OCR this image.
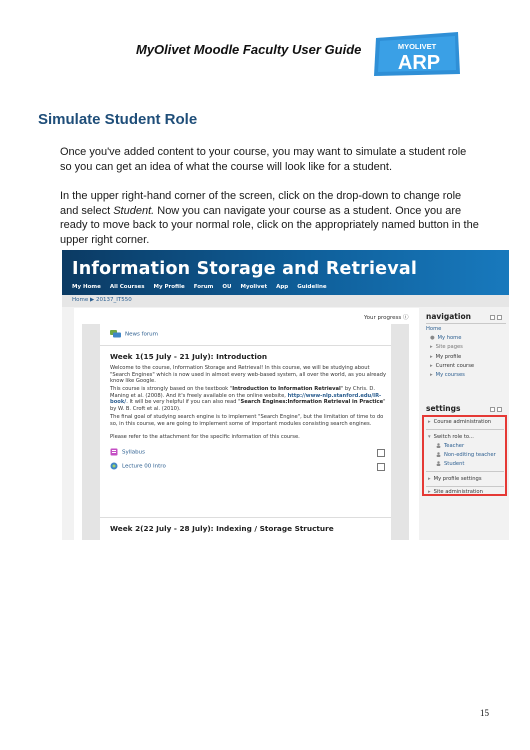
MyOlivet Moodle Faculty User Guide	MYOLIVET
ARP
Simulate Student Role
Once you've added content to your course, you may want to simulate a student role so you can get an idea of what the course will look like for a student.
In the upper right-hand corner of the screen, click on the drop-down to change role and select Student. Now you can navigate your course as a student. Once you are ready to move back to your normal role, click on the appropriately named button in the upper right corner.
Information Storage and Retrieval
My Home All Courses My Profile Forum OU Myolivet App Guideline
Home ▶ 20137_IT550
Your progress ⓘ
News forum
Week 1(15 July - 21 July): Introduction
Welcome to the course, Information Storage and Retrieval! In this course, we will be studying about "Search Engines" which is now used in almost every web-based system, all over the world, as you already know like Google.
This course is strongly based on the textbook "Introduction to Information Retrieval" by Chris. D. Maning et al. (2008). And it's freely available on the online website, http://www-nlp.stanford.edu/IR-book/. It will be very helpful if you can also read "Search Engines:Information Retrieval in Practice" by W. B. Croft et al. (2010).
The final goal of studying search engine is to implement "Search Engine", but the limitation of time to do so, in this course, we are going to implement some of important modules consisting search engines.
Please refer to the attachment for the specific information of this course.
Syllabus
Lecture 00 Intro
Week 2(22 July - 28 July): Indexing / Storage Structure
navigation
Home
● My home
▸ Site pages
▸ My profile
▸ Current course
▸ My courses
settings
▸ Course administration
▾ Switch role to...
Teacher
Non-editing teacher
Student
▸ My profile settings
▸ Site administration
15
